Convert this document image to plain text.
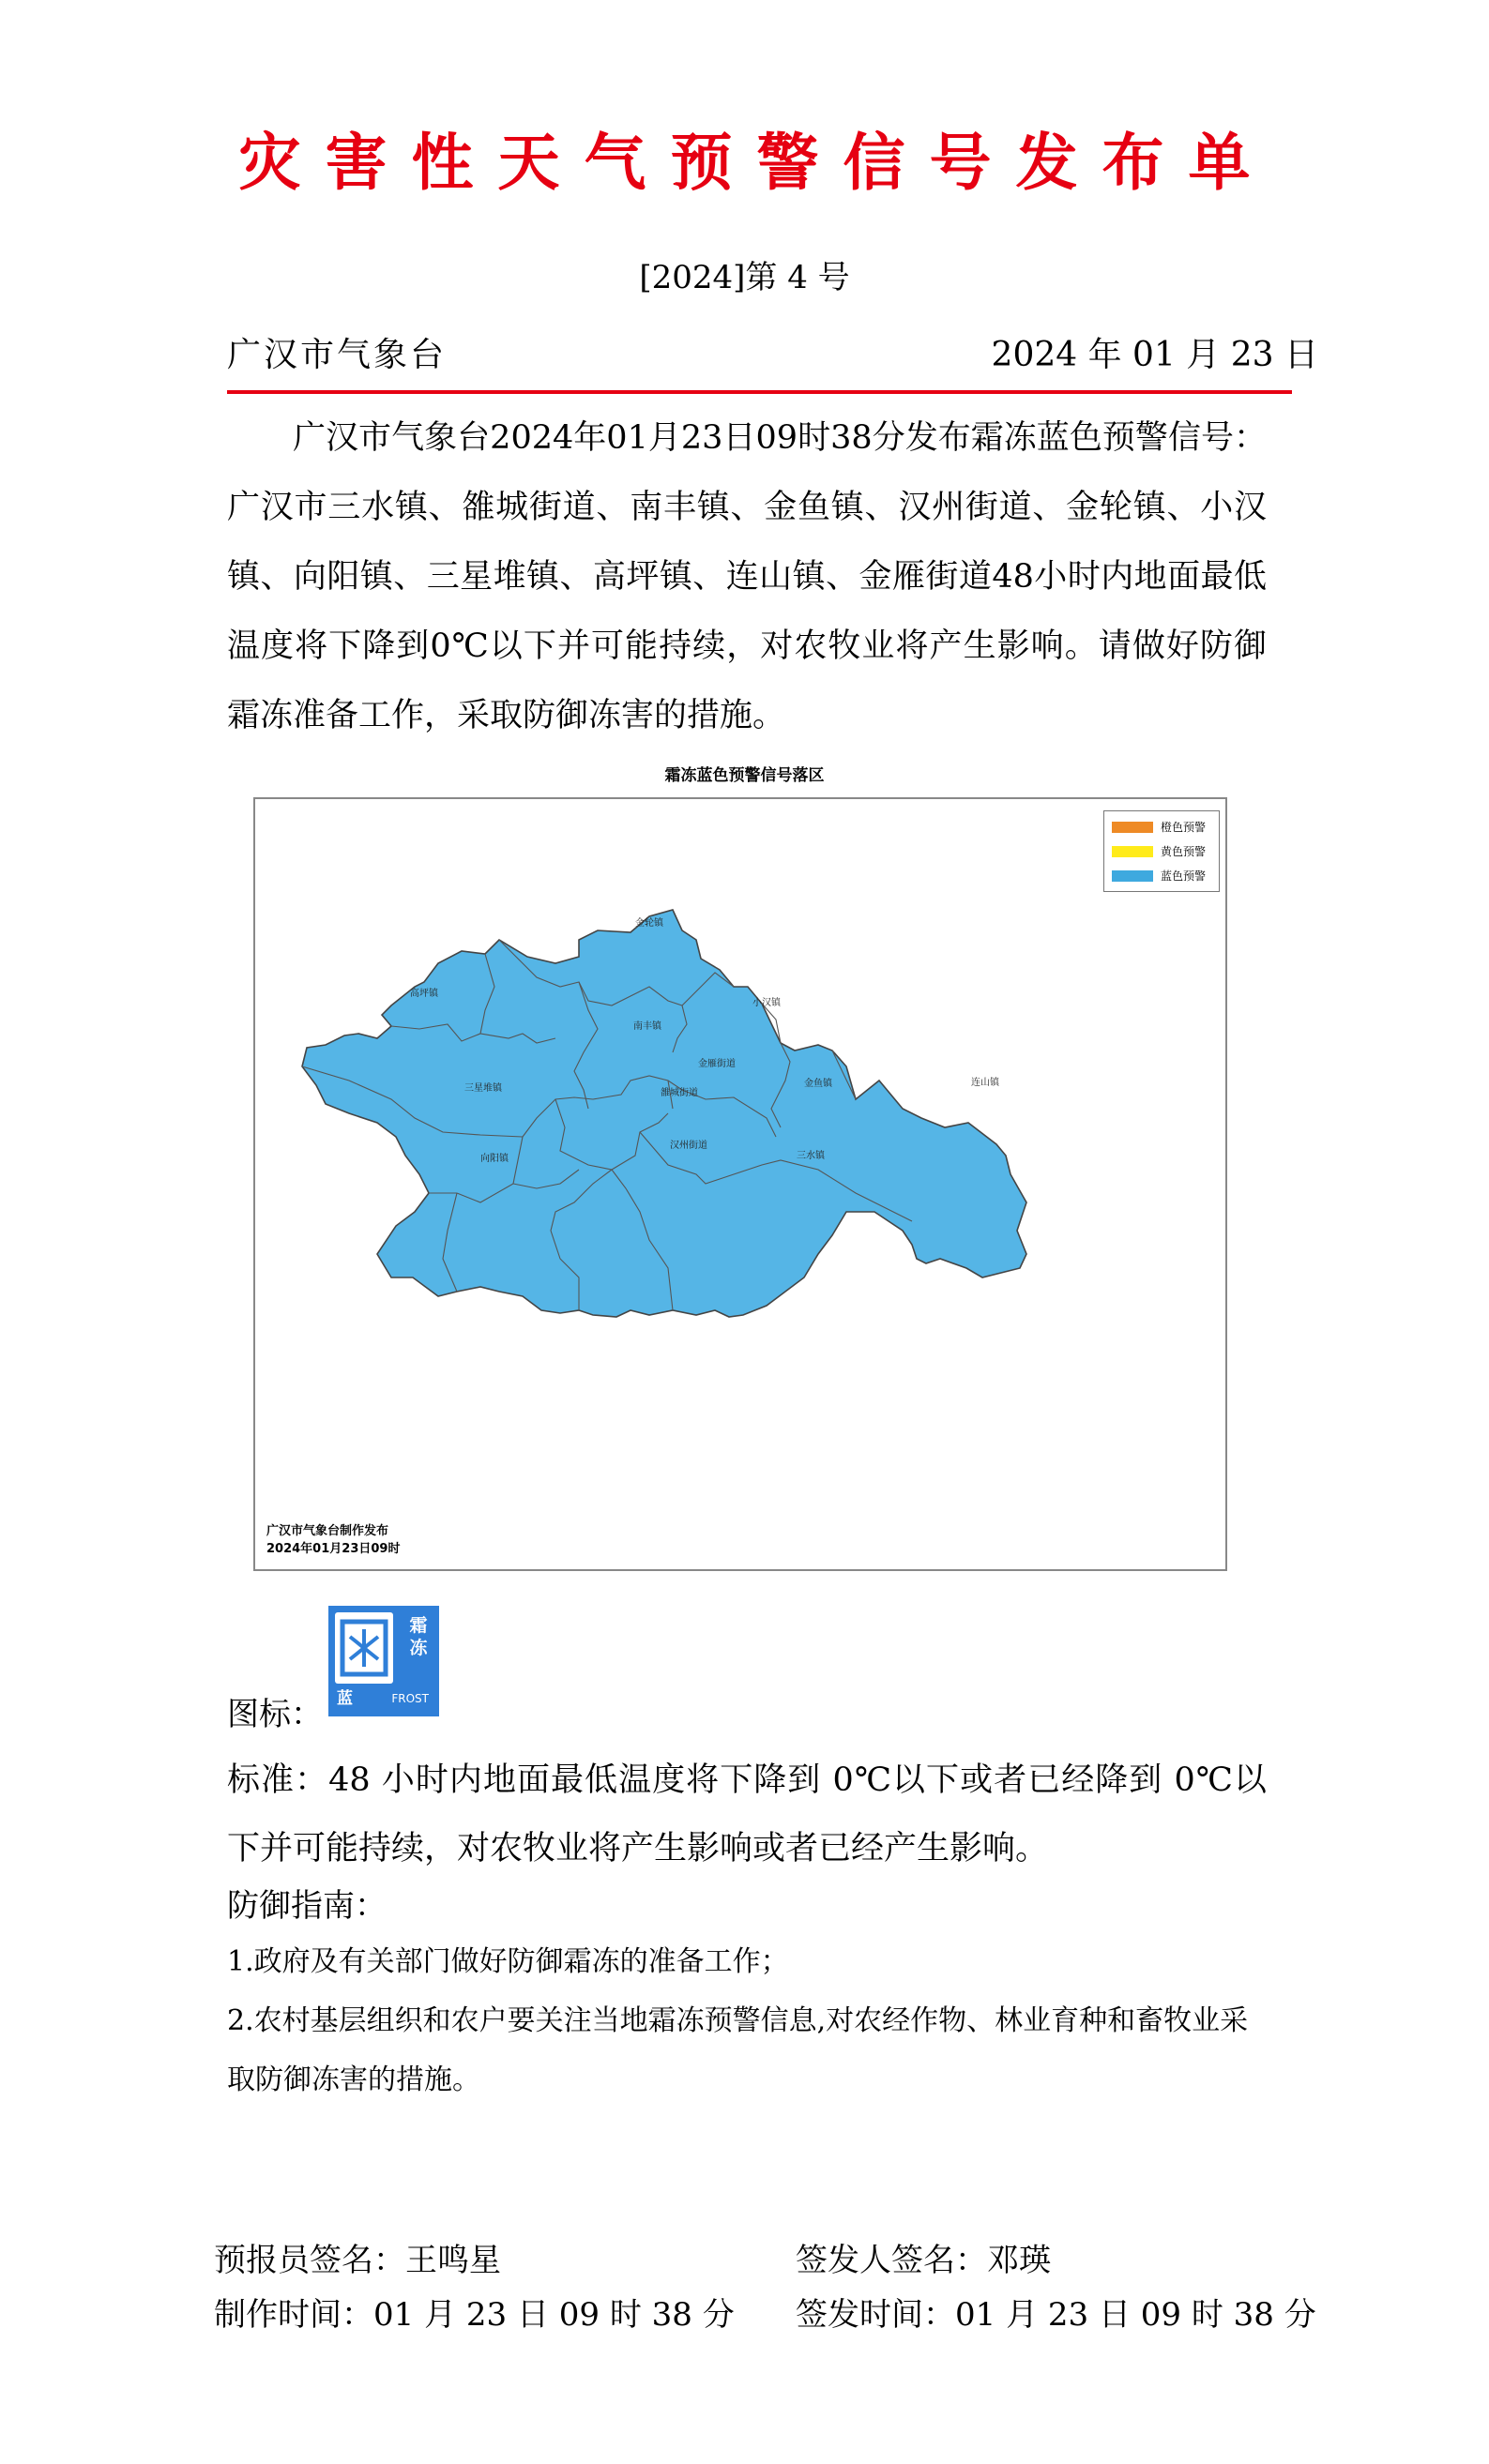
灾害性天气预警信号发布单
[2024]第 4 号
广汉市气象台	2024 年 01 月 23 日
广汉市气象台2024年01月23日09时38分发布霜冻蓝色预警信号：广汉市三水镇、雒城街道、南丰镇、金鱼镇、汉州街道、金轮镇、小汉镇、向阳镇、三星堆镇、高坪镇、连山镇、金雁街道48小时内地面最低温度将下降到0℃以下并可能持续，对农牧业将产生影响。请做好防御霜冻准备工作，采取防御冻害的措施。
霜冻蓝色预警信号落区
金轮镇
高坪镇
小汉镇
南丰镇
金雁街道
雒城街道
三星堆镇	金鱼镇	连山镇
汉州街道
向阳镇	三水镇
橙色预警
黄色预警
蓝色预警
广汉市气象台制作发布
2024年01月23日09时
图标：
霜冻
蓝	FROST
标准：48 小时内地面最低温度将下降到 0℃以下或者已经降到 0℃以下并可能持续，对农牧业将产生影响或者已经产生影响。
防御指南：
1.政府及有关部门做好防御霜冻的准备工作；
2.农村基层组织和农户要关注当地霜冻预警信息,对农经作物、林业育种和畜牧业采取防御冻害的措施。
预报员签名：王鸣星
制作时间：01 月 23 日 09 时 38 分
签发人签名：邓瑛
签发时间：01 月 23 日 09 时 38 分
